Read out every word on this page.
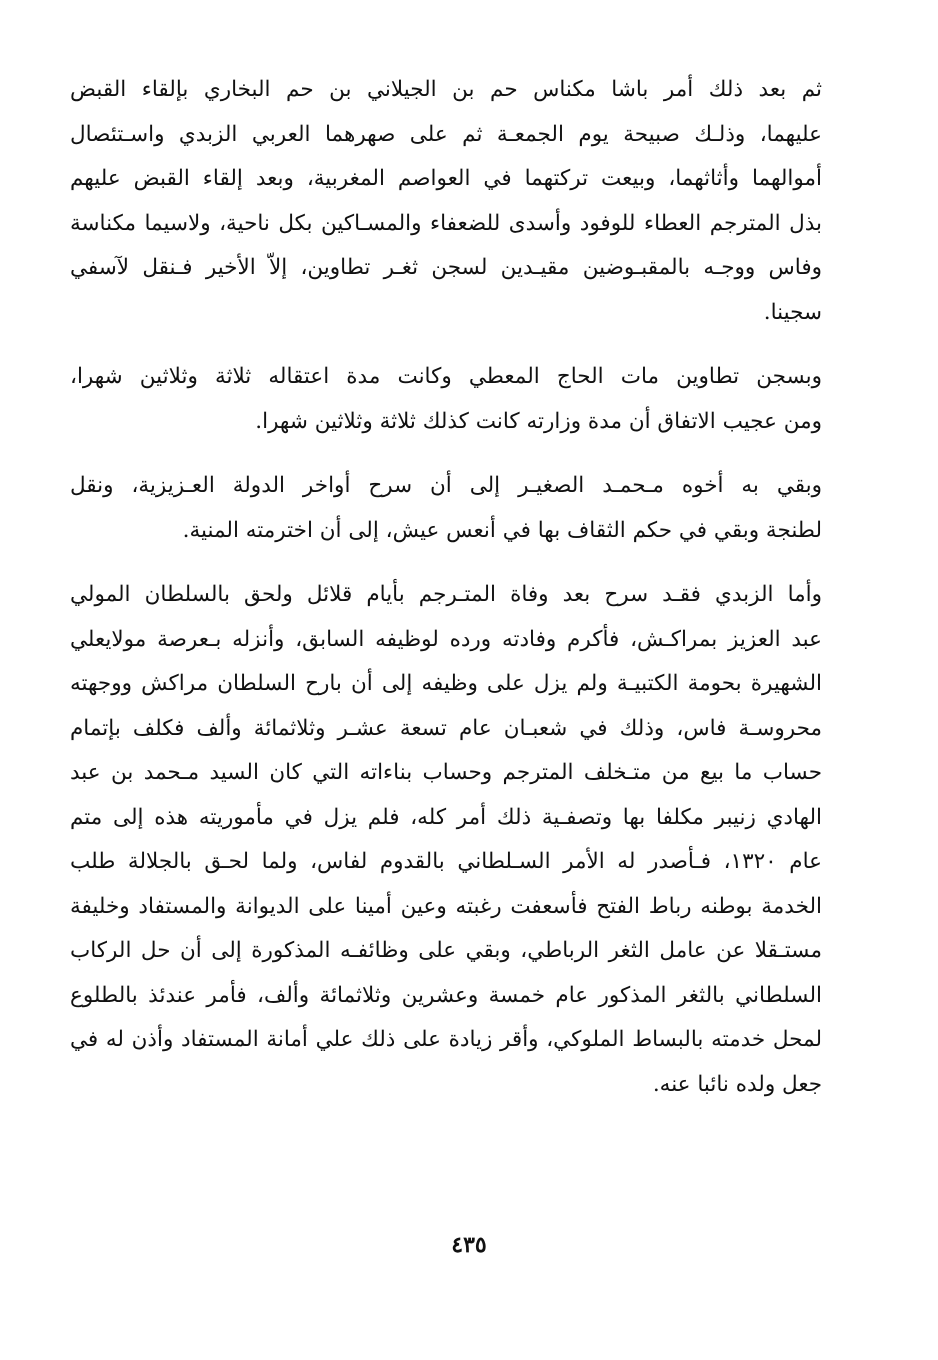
ثم بعد ذلك أمر باشا مكناس حم بن الجيلاني بن حم البخاري بإلقاء القبض
عليهما، وذلـك صبيحة يوم الجمعـة ثم على صهرهما العربي الزبدي واسـتئصال
أموالهما وأثاثهما، وبيعت تركتهما في العواصم المغربية، وبعد إلقاء القبض عليهم
بذل المترجم العطاء للوفود وأسدى للضعفاء والمسـاكين بكل ناحية، ولاسيما مكناسة
وفاس ووجـه بالمقبـوضين مقيـدين لسجن ثغـر تطاوين، إلاّ الأخير فـنقل لآسفي
سجينا.
وبسجن تطاوين مات الحاج المعطي وكانت مدة اعتقاله ثلاثة وثلاثين شهرا،
ومن عجيب الاتفاق أن مدة وزارته كانت كذلك ثلاثة وثلاثين شهرا.
وبقي به أخوه مـحمـد الصغيـر إلى أن سرح أواخر الدولة العـزيزية، ونقل
لطنجة وبقي في حكم الثقاف بها في أنعس عيش، إلى أن اخترمته المنية.
وأما الزبدي فقـد سرح بعد وفاة المتـرجم بأيام قلائل ولحق بالسلطان المولي
عبد العزيز بمراكـش، فأكرم وفادته ورده لوظيفه السابق، وأنزله بـعرصة مولايعلي
الشهيرة بحومة الكتبيـة ولم يزل على وظيفه إلى أن بارح السلطان مراكش ووجهته
محروسـة فاس، وذلك في شعبـان عام تسعة عشـر وثلاثمائة وألف فكلف بإتمام
حساب ما بيع من متـخلف المترجم وحساب بناءاته التي كان السيد مـحمد بن عبد
الهادي زنيبر مكلفا بها وتصفـية ذلك أمر كله، فلم يزل في مأموريته هذه إلى متم
عام ١٣٢٠، فـأصدر له الأمر السـلطاني بالقدوم لفاس، ولما لحـق بالجلالة طلب
الخدمة بوطنه رباط الفتح فأسعفت رغبته وعين أمينا على الديوانة والمستفاد وخليفة
مستـقلا عن عامل الثغر الرباطي، وبقي على وظائفـه المذكورة إلى أن حل الركاب
السلطاني بالثغر المذكور عام خمسة وعشرين وثلاثمائة وألف، فأمر عندئذ بالطلوع
لمحل خدمته بالبساط الملوكي، وأقر زيادة على ذلك علي أمانة المستفاد وأذن له في
جعل ولده نائبا عنه.
٤٣٥
